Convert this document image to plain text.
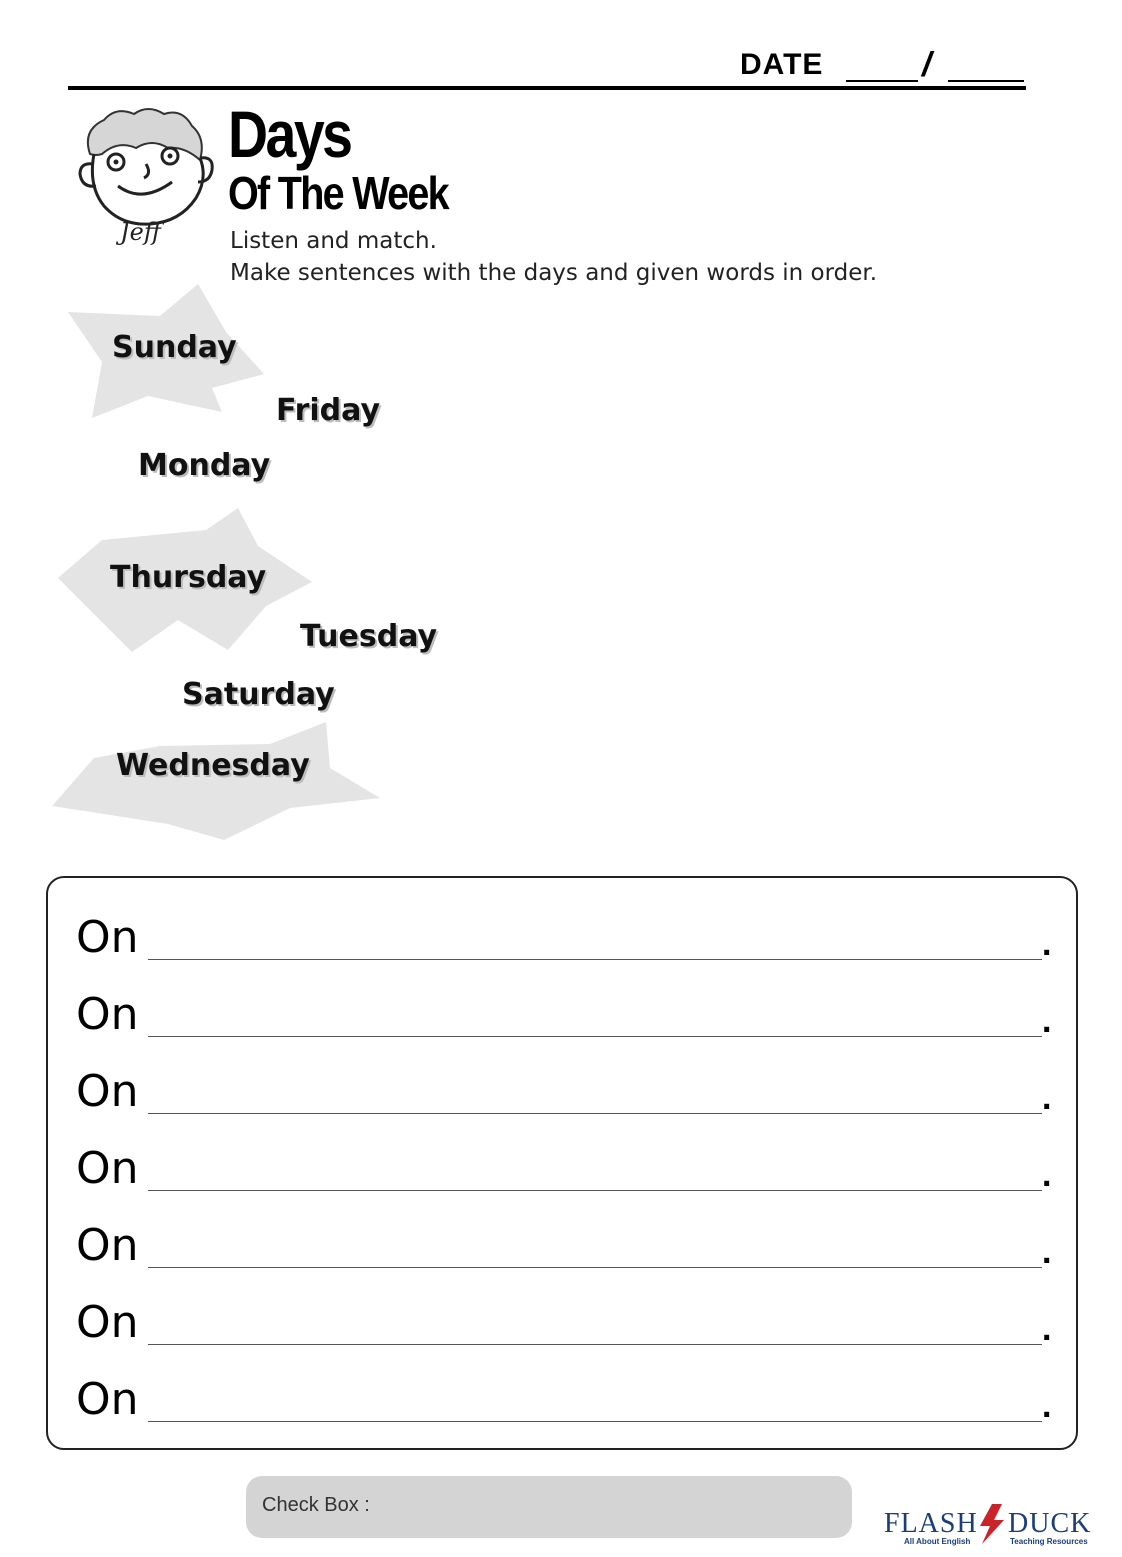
DATE	/
Jeff
Days
Of The Week
Listen and match.
Make sentences with the days and given words in order.
Sunday
Friday
Monday
Thursday
Tuesday
Saturday
Wednesday
On	.
On	.
On	.
On	.
On	.
On	.
On	.
Check Box :
FLASH DUCK
All About English	Teaching Resources
